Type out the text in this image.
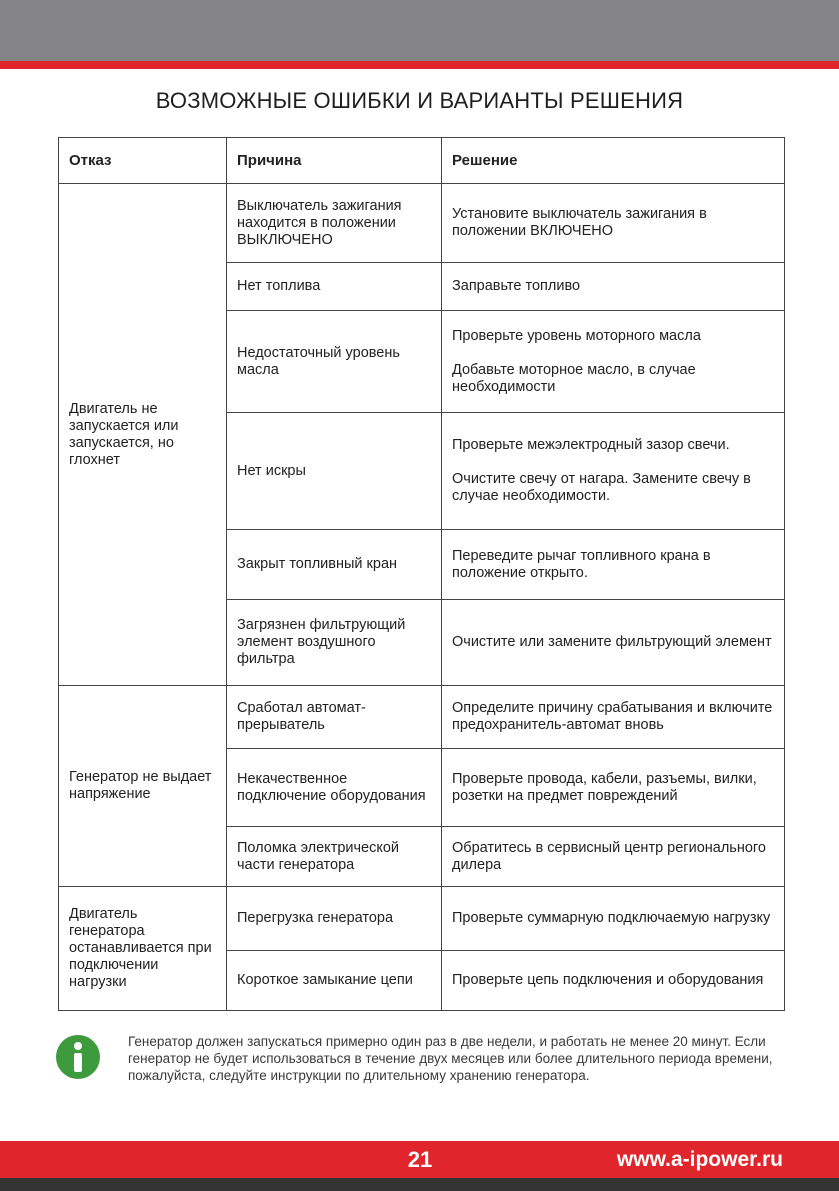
ВОЗМОЖНЫЕ ОШИБКИ И ВАРИАНТЫ РЕШЕНИЯ
Отказ	Причина	Решение
Двигатель не запускается или запускается, но глохнет	Выключатель зажигания находится в положении ВЫКЛЮЧЕНО	Установите выключатель зажигания в положении ВКЛЮЧЕНО

	Нет топлива	Заправьте топливо

	Недостаточный уровень масла	Проверьте уровень моторного масла
Добавьте моторное масло, в случае необходимости

	Нет искры	Проверьте межэлектродный зазор свечи.
Очистите свечу от нагара. Замените свечу в случае необходимости.

	Закрыт топливный кран	Переведите рычаг топливного крана в положение открыто.

	Загрязнен фильтрующий элемент воздушного фильтра	Очистите или замените фильтрующий элемент

Генератор не выдает напряжение	Сработал автомат-прерыватель	Определите причину срабатывания и включите предохранитель-автомат вновь

	Некачественное подключение оборудования	Проверьте провода, кабели, разъемы, вилки, розетки на предмет повреждений

	Поломка электрической части генератора	Обратитесь в сервисный центр регионального дилера

Двигатель генератора останавливается при подключении нагрузки	Перегрузка генератора	Проверьте суммарную подключаемую нагрузку

	Короткое замыкание цепи	Проверьте цепь подключения и оборудования
Генератор должен запускаться примерно один раз в две недели, и работать не менее 20 минут. Если генератор не будет использоваться в течение двух месяцев или более длительного периода времени, пожалуйста, следуйте инструкции по длительному хранению генератора.
21	www.a-ipower.ru
